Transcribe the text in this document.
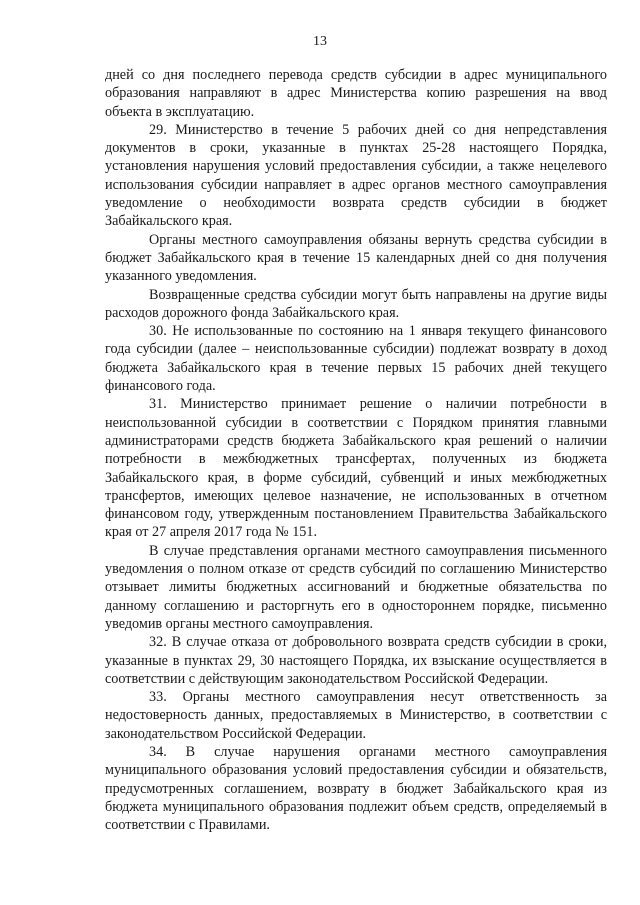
13

дней со дня последнего перевода средств субсидии в адрес муниципального образования направляют в адрес Министерства копию разрешения на ввод объекта в эксплуатацию.

29. Министерство в течение 5 рабочих дней со дня непредставления документов в сроки, указанные в пунктах 25-28 настоящего Порядка, установления нарушения условий предоставления субсидии, а также нецелевого использования субсидии направляет в адрес органов местного самоуправления уведомление о необходимости возврата средств субсидии в бюджет Забайкальского края.

Органы местного самоуправления обязаны вернуть средства субсидии в бюджет Забайкальского края в течение 15 календарных дней со дня получения указанного уведомления.

Возвращенные средства субсидии могут быть направлены на другие виды расходов дорожного фонда Забайкальского края.

30. Не использованные по состоянию на 1 января текущего финансового года субсидии (далее – неиспользованные субсидии) подлежат возврату в доход бюджета Забайкальского края в течение первых 15 рабочих дней текущего финансового года.

31. Министерство принимает решение о наличии потребности в неиспользованной субсидии в соответствии с Порядком принятия главными администраторами средств бюджета Забайкальского края решений о наличии потребности в межбюджетных трансфертах, полученных из бюджета Забайкальского края, в форме субсидий, субвенций и иных межбюджетных трансфертов, имеющих целевое назначение, не использованных в отчетном финансовом году, утвержденным постановлением Правительства Забайкальского края от 27 апреля 2017 года № 151.

В случае представления органами местного самоуправления письменного уведомления о полном отказе от средств субсидий по соглашению Министерство отзывает лимиты бюджетных ассигнований и бюджетные обязательства по данному соглашению и расторгнуть его в одностороннем порядке, письменно уведомив органы местного самоуправления.

32. В случае отказа от добровольного возврата средств субсидии в сроки, указанные в пунктах 29, 30 настоящего Порядка, их взыскание осуществляется в соответствии с действующим законодательством Российской Федерации.

33. Органы местного самоуправления несут ответственность за недостоверность данных, предоставляемых в Министерство, в соответствии с законодательством Российской Федерации.

34. В случае нарушения органами местного самоуправления муниципального образования условий предоставления субсидии и обязательств, предусмотренных соглашением, возврату в бюджет Забайкальского края из бюджета муниципального образования подлежит объем средств, определяемый в соответствии с Правилами.
